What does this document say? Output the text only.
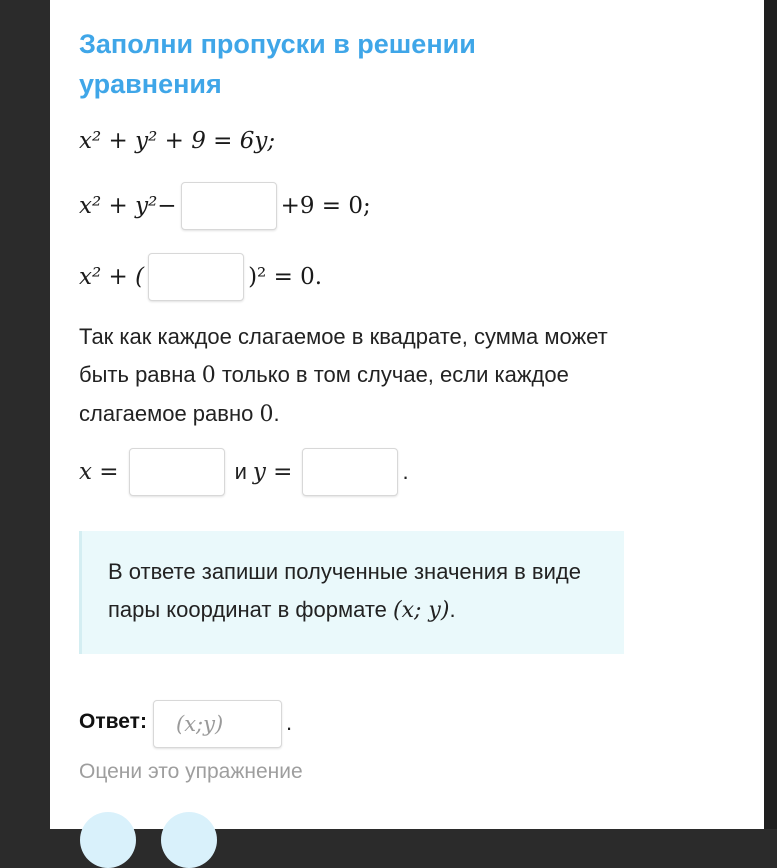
Заполни пропуски в решении уравнения
x² + y² + 9 = 6y;
x² + y²−	+9 = 0;
x² + (	)² = 0.
Так как каждое слагаемое в квадрате, сумма может быть равна 0 только в том случае, если каждое слагаемое равно 0.
x =	и y =	.
В ответе запиши полученные значения в виде пары координат в формате (x; y).
Ответ:
(x;y)	.
Оцени это упражнение
